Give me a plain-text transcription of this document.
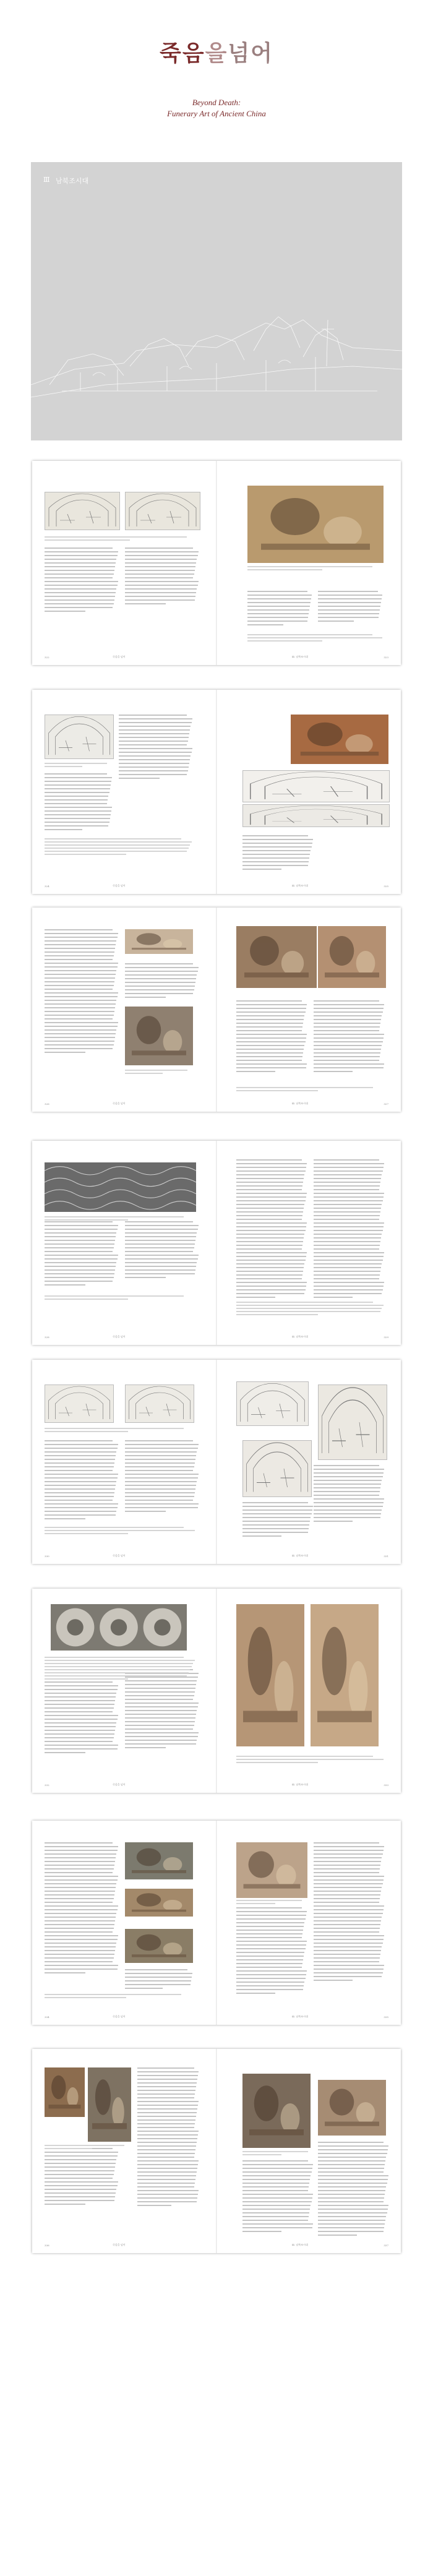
죽음을넘어
Beyond Death:
Funerary Art of Ancient China
Ⅲ 남북조시대
322	죽음을 넘어	Ⅲ. 남북조시대	323
324	죽음을 넘어	Ⅲ. 남북조시대	325
326	죽음을 넘어	Ⅲ. 남북조시대	327
328	죽음을 넘어	Ⅲ. 남북조시대	329
330	죽음을 넘어	Ⅲ. 남북조시대	331
332	죽음을 넘어	Ⅲ. 남북조시대	333
334	죽음을 넘어	Ⅲ. 남북조시대	335
336	죽음을 넘어	Ⅲ. 남북조시대	337
